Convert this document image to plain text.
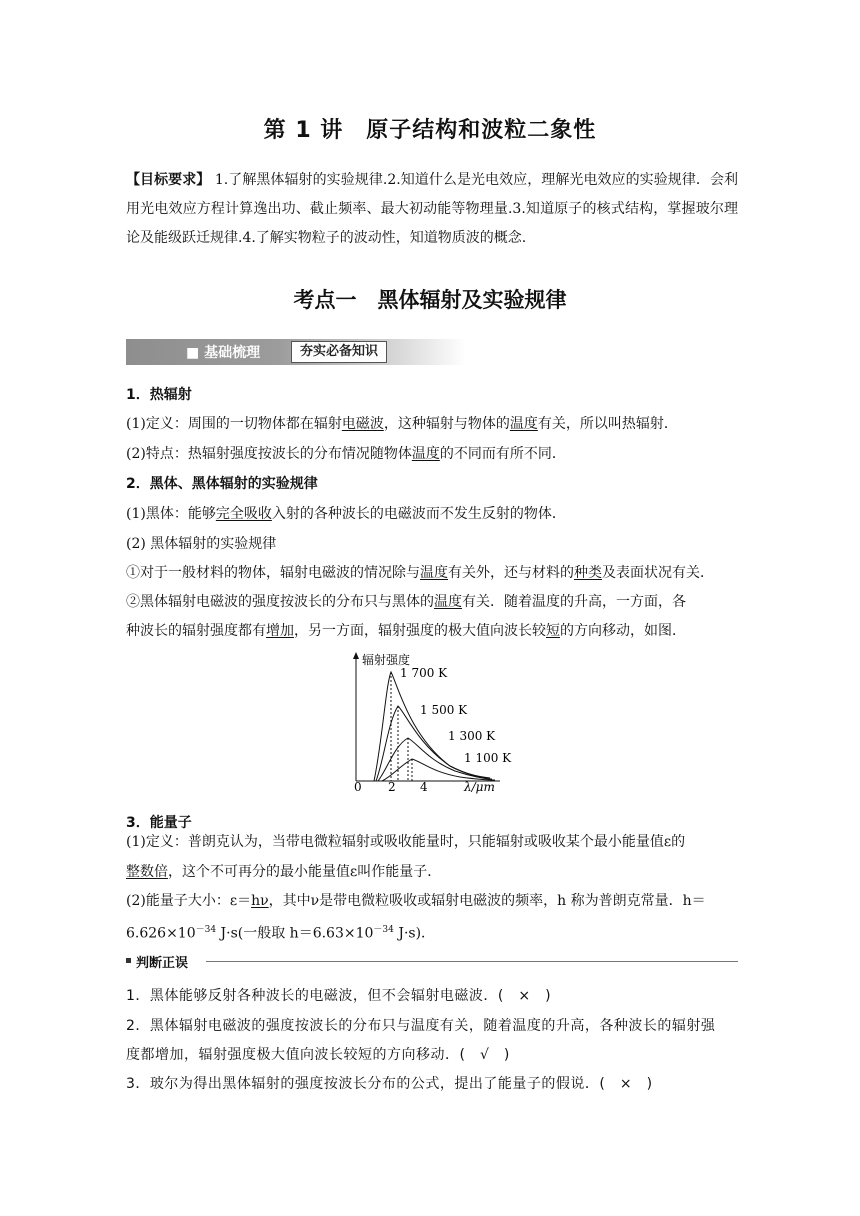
第 1 讲　原子结构和波粒二象性
【目标要求】 1.了解黑体辐射的实验规律.2.知道什么是光电效应，理解光电效应的实验规律．会利用光电效应方程计算逸出功、截止频率、最大初动能等物理量.3.知道原子的核式结构，掌握玻尔理论及能级跃迁规律.4.了解实物粒子的波动性，知道物质波的概念.
考点一　黑体辐射及实验规律
■ 基础梳理	夯实必备知识
1．热辐射
(1)定义：周围的一切物体都在辐射电磁波，这种辐射与物体的温度有关，所以叫热辐射．
(2)特点：热辐射强度按波长的分布情况随物体温度的不同而有所不同．
2．黑体、黑体辐射的实验规律
(1)黑体：能够完全吸收入射的各种波长的电磁波而不发生反射的物体．
(2) 黑体辐射的实验规律
①对于一般材料的物体，辐射电磁波的情况除与温度有关外，还与材料的种类及表面状况有关．
②黑体辐射电磁波的强度按波长的分布只与黑体的温度有关．随着温度的升高，一方面，各
种波长的辐射强度都有增加，另一方面，辐射强度的极大值向波长较短的方向移动，如图．
辐射强度
λ/μm
0 2 4
1 700 K
1 500 K
1 300 K
1 100 K
3．能量子
(1)定义：普朗克认为，当带电微粒辐射或吸收能量时，只能辐射或吸收某个最小能量值ε的
整数倍，这个不可再分的最小能量值ε叫作能量子．
(2)能量子大小：ε＝hν，其中ν是带电微粒吸收或辐射电磁波的频率，h 称为普朗克常量．h＝
$6.626\times 10^{-34}$ J·s(一般取 $h=6.63\times 10^{-34}$ J·s)．
判断正误
1．黑体能够反射各种波长的电磁波，但不会辐射电磁波．(　×　)
2．黑体辐射电磁波的强度按波长的分布只与温度有关，随着温度的升高，各种波长的辐射强
度都增加，辐射强度极大值向波长较短的方向移动．(　√　)
3．玻尔为得出黑体辐射的强度按波长分布的公式，提出了能量子的假说．(　×　)
